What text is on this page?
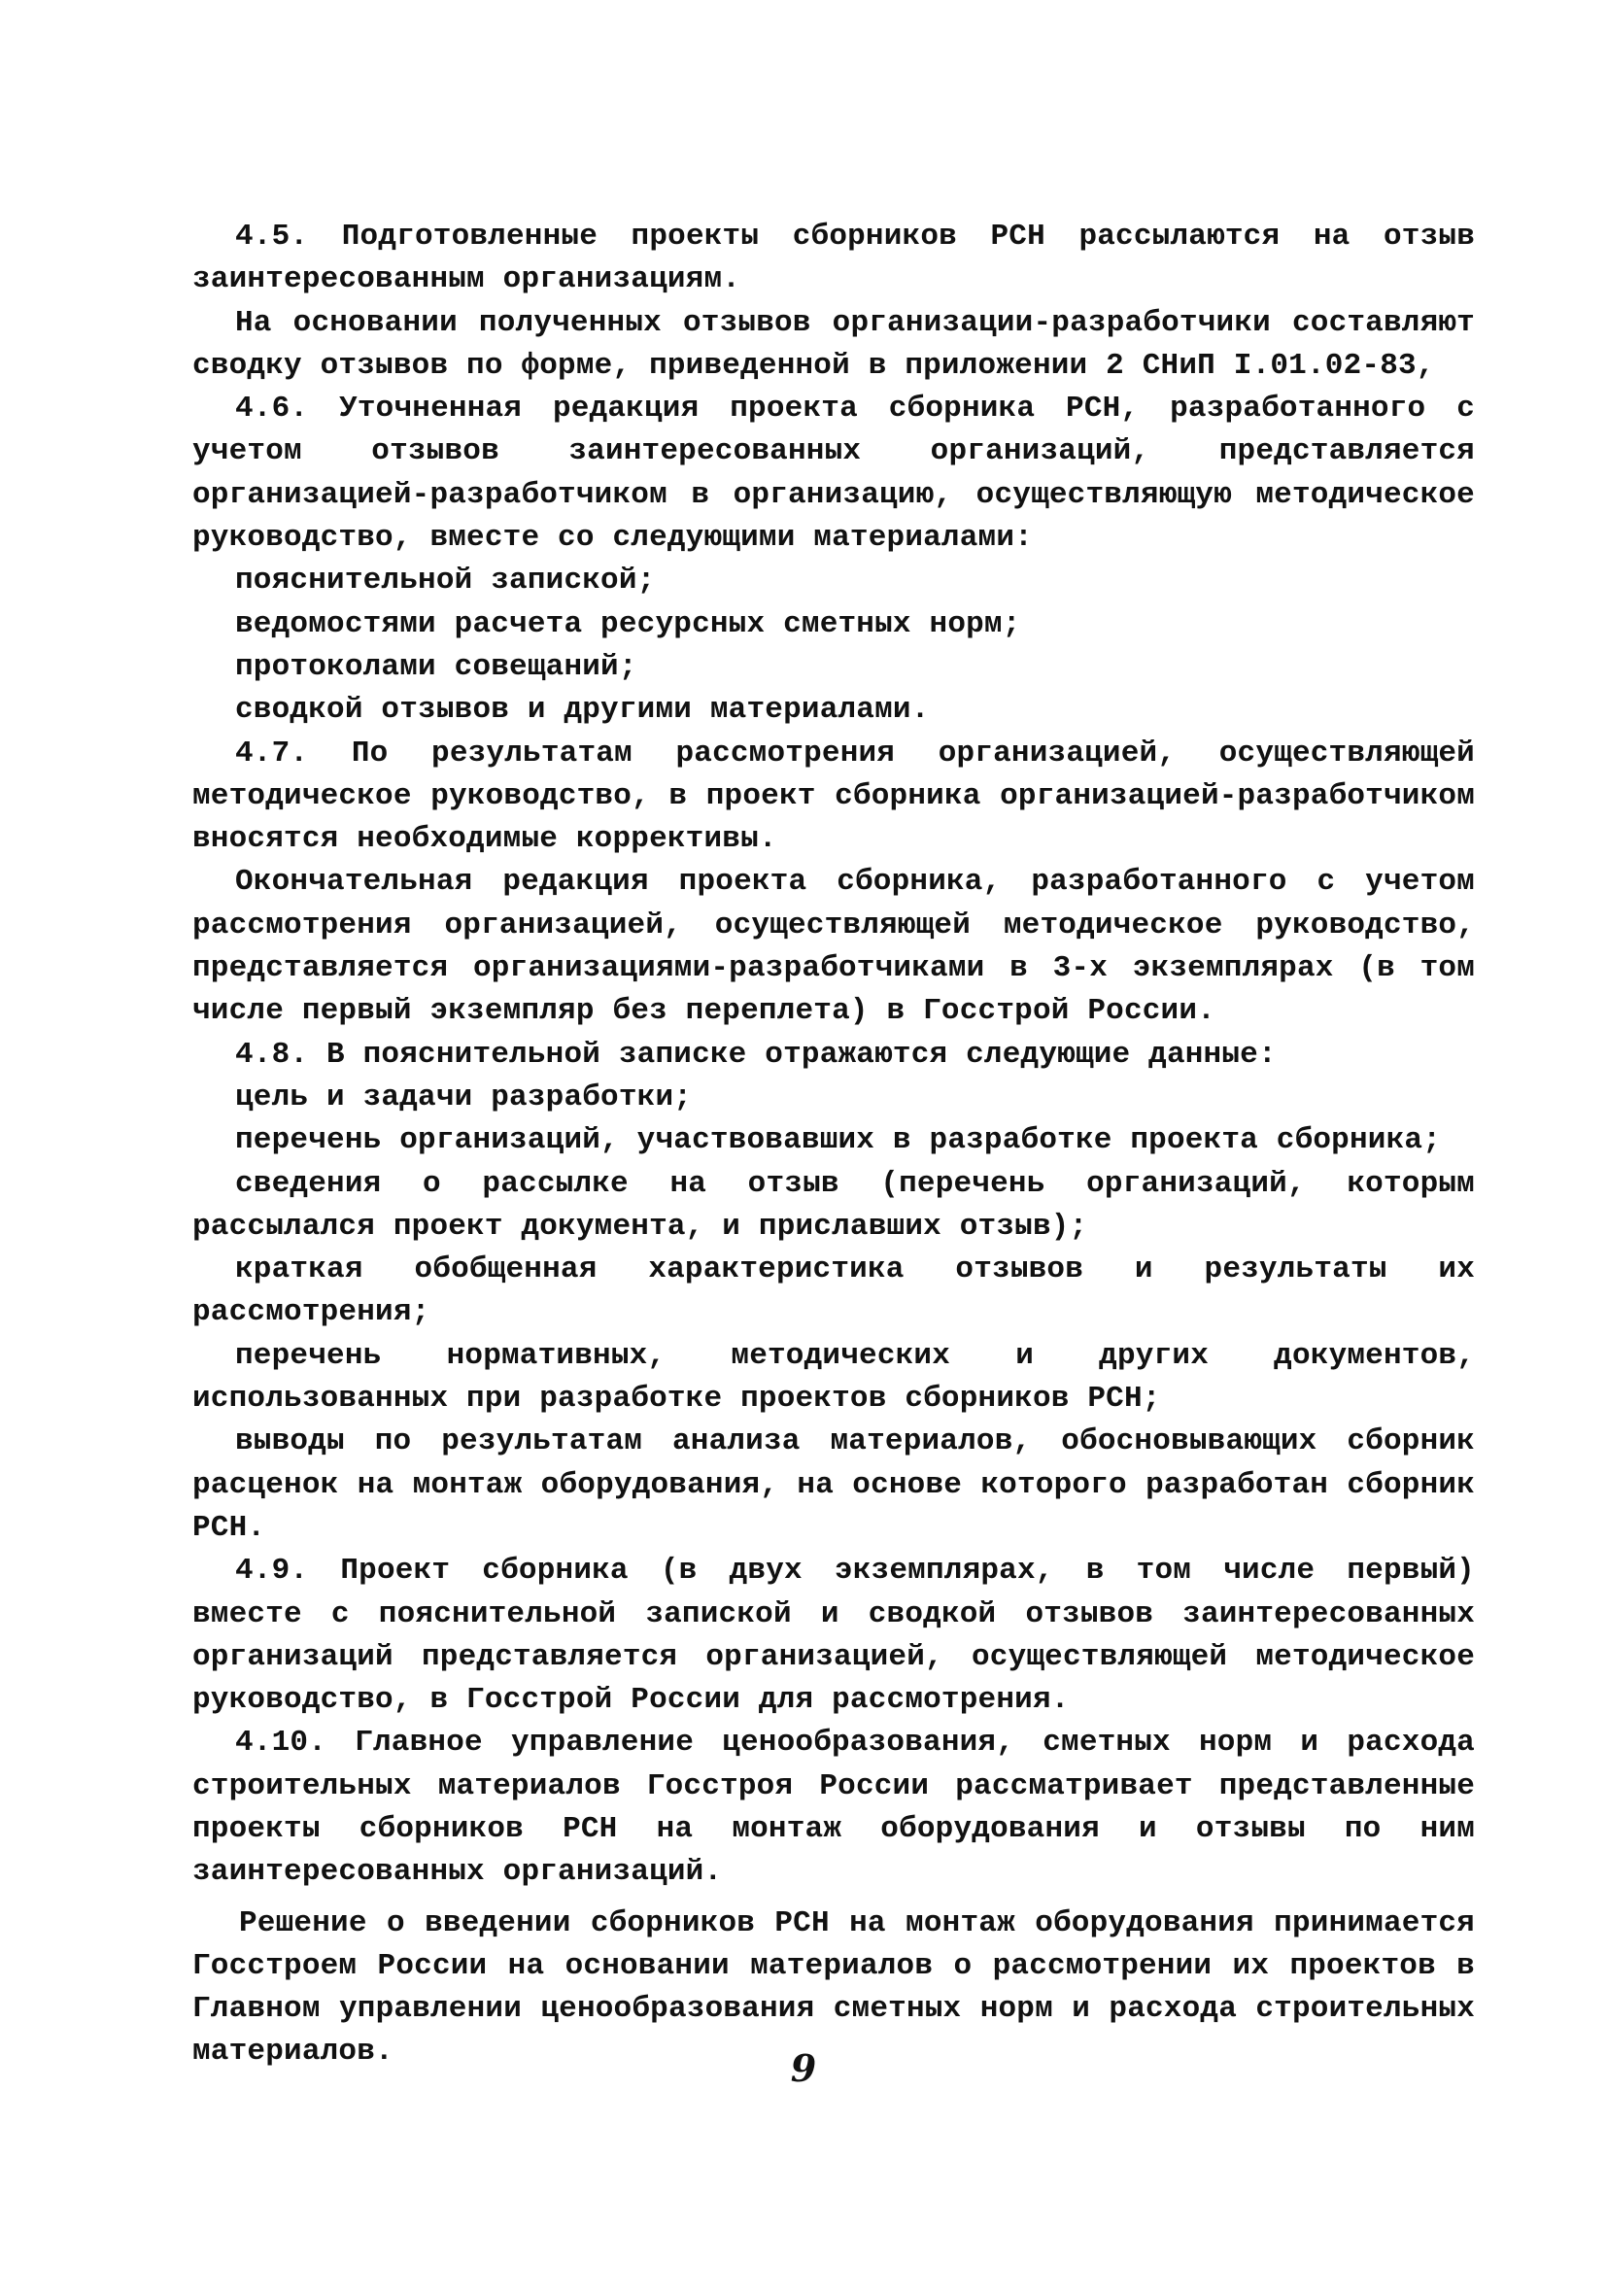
4.5. Подготовленные проекты сборников РСН рассылаются на отзыв заинтересованным организациям.

На основании полученных отзывов организации-разработчики составляют сводку отзывов по форме, приведенной в приложении 2 СНиП I.01.02-83,

4.6. Уточненная редакция проекта сборника РСН, разработанного с учетом отзывов заинтересованных организаций, представляется организацией-разработчиком в организацию, осуществляющую методическое руководство, вместе со следующими материалами:

пояснительной запиской;

ведомостями расчета ресурсных сметных норм;

протоколами совещаний;

сводкой отзывов и другими материалами.

4.7. По результатам рассмотрения организацией, осуществляющей методическое руководство, в проект сборника организацией-разработчиком вносятся необходимые коррективы.

Окончательная редакция проекта сборника, разработанного с учетом рассмотрения организацией, осуществляющей методическое руководство, представляется организациями-разработчиками в 3-х экземплярах (в том числе первый экземпляр без переплета) в Госстрой России.

4.8. В пояснительной записке отражаются следующие данные:

цель и задачи разработки;

перечень организаций, участвовавших в разработке проекта сборника;

сведения о рассылке на отзыв (перечень организаций, которым рассылался проект документа, и приславших отзыв);

краткая обобщенная характеристика отзывов и результаты их рассмотрения;

перечень нормативных, методических и других документов, использованных при разработке проектов сборников РСН;

выводы по результатам анализа материалов, обосновывающих сборник расценок на монтаж оборудования, на основе которого разработан сборник РСН.

4.9. Проект сборника (в двух экземплярах, в том числе первый) вместе с пояснительной запиской и сводкой отзывов заинтересованных организаций представляется организацией, осуществляющей методическое руководство, в Госстрой России для рассмотрения.

4.10. Главное управление ценообразования, сметных норм и расхода строительных материалов Госстроя России рассматривает представленные проекты сборников РСН на монтаж оборудования и отзывы по ним заинтересованных организаций.

Решение о введении сборников РСН на монтаж оборудования принимается Госстроем России на основании материалов о рассмотрении их проектов в Главном управлении ценообразования сметных норм и расхода строительных материалов.	9
